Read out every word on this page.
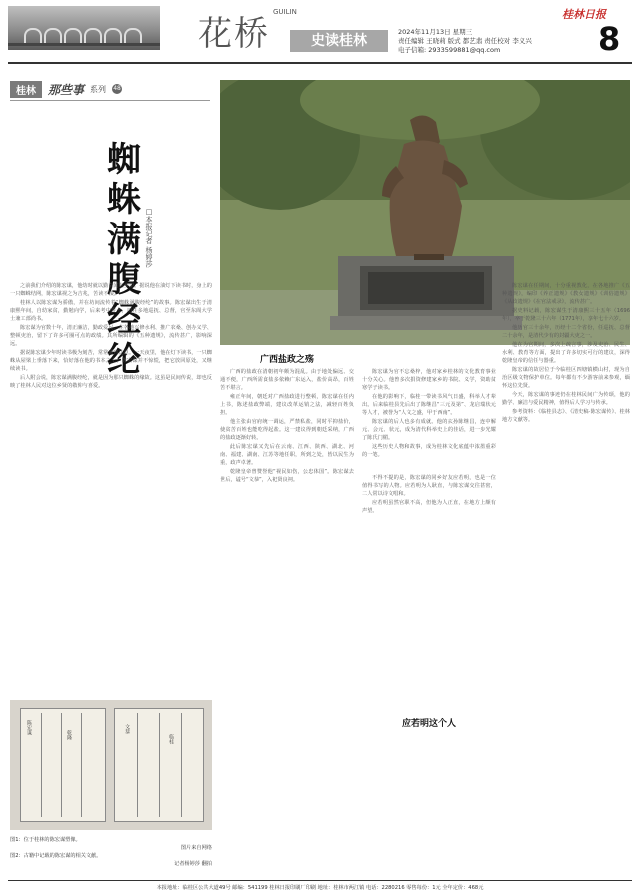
花桥
GUILIN
史读桂林
2024年11月13日 星期三
责任编辑 王晓莉 版式 都艺翡 责任校对 李义兴
电子信箱: 2933599881@qq.com
桂林日报
8
桂林	那些事 系列 48
蜘蛛满腹经纶
□本报记者 杨婷莎

之前我们介绍的陈宏谋，他幼时就以勤奋闻名乡里。据说他在油灯下读书时，身上的一只蜘蛛结网，陈宏谋视之为吉兆，苦读不辍。

桂林人以陈宏谋为骄傲，并在坊间流传着“蜘蛛满腹经纶”的故事。陈宏谋出生于清康熙年间，自幼家贫，勤勉向学，后来考中进士，历任多地巡抚、总督，官至东阁大学士兼工部尚书。

陈宏谋为官数十年，清正廉洁，勤政爱民，在各地兴修水利、推广农桑、创办义学、整顿吏治，留下了许多可圈可点的政绩。其所编辑的《五种遗规》，流传甚广，影响深远。

据说陈宏谋少年时读书极为刻苦，常常通宵达旦。一天夜里，他在灯下读书，一只蜘蛛从屋梁上垂落下来，恰好落在他的书本之上。陈宏谋并不惊慌，把它放回原处，又继续读书。

后人附会说，陈宏谋满腹经纶，就是因为那只蜘蛛的缘故。这虽是民间传说，却也反映了桂林人民对这位乡贤的敬仰与喜爱。

广西盐政之殇

广西的盐政在清朝初年颇为混乱。由于地处偏远、交通不便，广西所需食盐多依赖广东运入，盐价高昂，百姓苦不堪言。

雍正年间，朝廷对广西盐政进行整顿，陈宏谋在任内上书，陈述盐政弊端，建议改革运销之法，减轻百姓负担。

他主张由官府统一调运，严禁私盐，同时平抑盐价，使贫苦百姓也能吃得起盐。这一建议得到朝廷采纳，广西的盐政逐渐好转。

此后陈宏谋又先后在云南、江西、陕西、湖北、河南、福建、湖南、江苏等地任职，所到之处，皆以民生为重，政声卓著。

乾隆皇帝曾赞誉他“视民如伤，公忠体国”。陈宏谋去世后，谥号“文恭”，入祀贤良祠。

陈宏谋为官不忘桑梓，他对家乡桂林的文化教育事业十分关心。他曾多次捐资修建家乡的书院、义学，资助贫寒学子读书。

在他的影响下，临桂一带读书风气日盛，科举人才辈出。后来临桂县先后出了陈继昌“三元及第”、龙启瑞状元等人才，被誉为“人文之盛，甲于西南”。

陈宏谋的后人也多有成就。他的玄孙陈继昌，连中解元、会元、状元，成为清代科举史上的佳话，进一步光耀了陈氏门楣。

这些历史人物和故事，成为桂林文化底蕴中浓墨重彩的一笔。

不得不提的是，陈宏谋的同乡好友应若明，也是一位值得书写的人物。应若明为人耿直，与陈宏谋交往甚密，二人常以诗文唱和。

应若明虽然官职不高，但他为人正直，在地方上颇有声望。

应若明这个人

陈宏谋在任期间，十分重视教化，在各地推广《五种遗规》，编印《养正遗规》《教女遗规》《训俗遗规》《从政遗规》《在官法戒录》，流传甚广。

据史料记载，陈宏谋生于清康熙三十五年（1696年），卒于乾隆三十六年（1771年），享年七十六岁。

他历官三十余年，历经十二个省份，任巡抚、总督二十余年，是清代少有的封疆大吏之一。

他在为官期间，多次上疏言事，涉及吏治、民生、水利、教育等方面，提出了许多切实可行的建议，深得乾隆皇帝的信任与器重。

陈宏谋的故居位于今临桂区四塘镇横山村，现为自治区级文物保护单位。每年都有不少游客前来参观，缅怀这位先贤。

今天，陈宏谋的事迹仍在桂林民间广为传颂，他的勤学、廉洁与爱民精神，值得后人学习与传承。

参考资料：《临桂县志》、《清史稿·陈宏谋传》、桂林地方文献等。

陈宏谋	乾隆
文恭
临桂
图1：位于桂林的陈宏谋塑像。
图片来自网络
图2：古籍中记载的陈宏谋的相关文献。
记者杨婷莎 翻拍
本报地址：临桂区公共大道49号 邮编：541199 桂林日报印刷厂印刷 地址：桂林市两江镇 电话：2280216 零售每份：1元 全年定价：468元
